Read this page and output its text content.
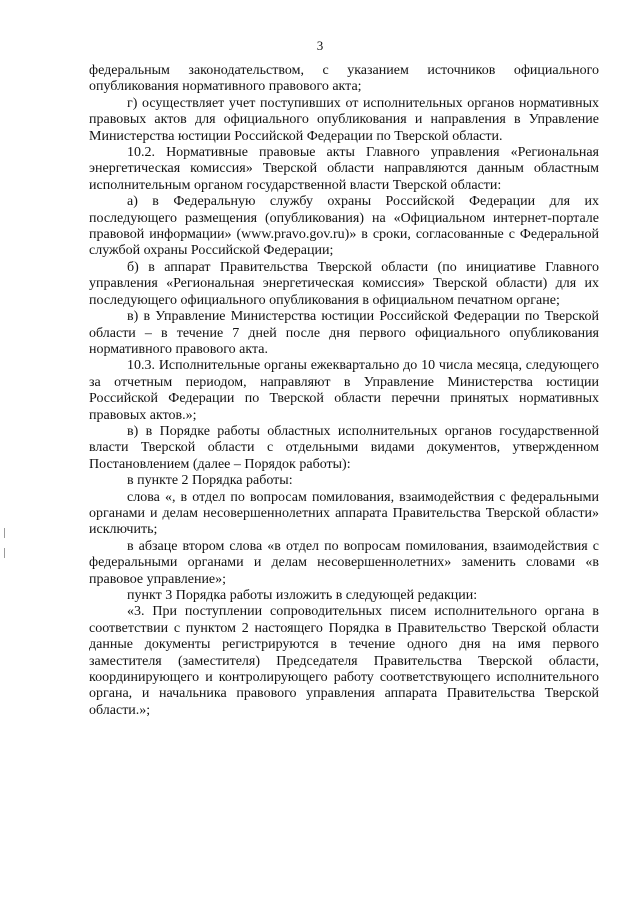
3

федеральным законодательством, с указанием источников официального опубликования нормативного правового акта;

г) осуществляет учет поступивших от исполнительных органов нормативных правовых актов для официального опубликования и направления в Управление Министерства юстиции Российской Федерации по Тверской области.

10.2. Нормативные правовые акты Главного управления «Региональная энергетическая комиссия» Тверской области направляются данным областным исполнительным органом государственной власти Тверской области:

а) в Федеральную службу охраны Российской Федерации для их последующего размещения (опубликования) на «Официальном интернет-портале правовой информации» (www.pravo.gov.ru)» в сроки, согласованные с Федеральной службой охраны Российской Федерации;

б) в аппарат Правительства Тверской области (по инициативе Главного управления «Региональная энергетическая комиссия» Тверской области) для их последующего официального опубликования в официальном печатном органе;

в) в Управление Министерства юстиции Российской Федерации по Тверской области – в течение 7 дней после дня первого официального опубликования нормативного правового акта.

10.3. Исполнительные органы ежеквартально до 10 числа месяца, следующего за отчетным периодом, направляют в Управление Министерства юстиции Российской Федерации по Тверской области перечни принятых нормативных правовых актов.»;

в) в Порядке работы областных исполнительных органов государственной власти Тверской области с отдельными видами документов, утвержденном Постановлением (далее – Порядок работы):

в пункте 2 Порядка работы:

слова «, в отдел по вопросам помилования, взаимодействия с федеральными органами и делам несовершеннолетних аппарата Правительства Тверской области» исключить;

в абзаце втором слова «в отдел по вопросам помилования, взаимодействия с федеральными органами и делам несовершеннолетних» заменить словами «в правовое управление»;

пункт 3 Порядка работы изложить в следующей редакции:

«3. При поступлении сопроводительных писем исполнительного органа в соответствии с пунктом 2 настоящего Порядка в Правительство Тверской области данные документы регистрируются в течение одного дня на имя первого заместителя (заместителя) Председателя Правительства Тверской области, координирующего и контролирующего работу соответствующего исполнительного органа, и начальника правового управления аппарата Правительства Тверской области.»;
